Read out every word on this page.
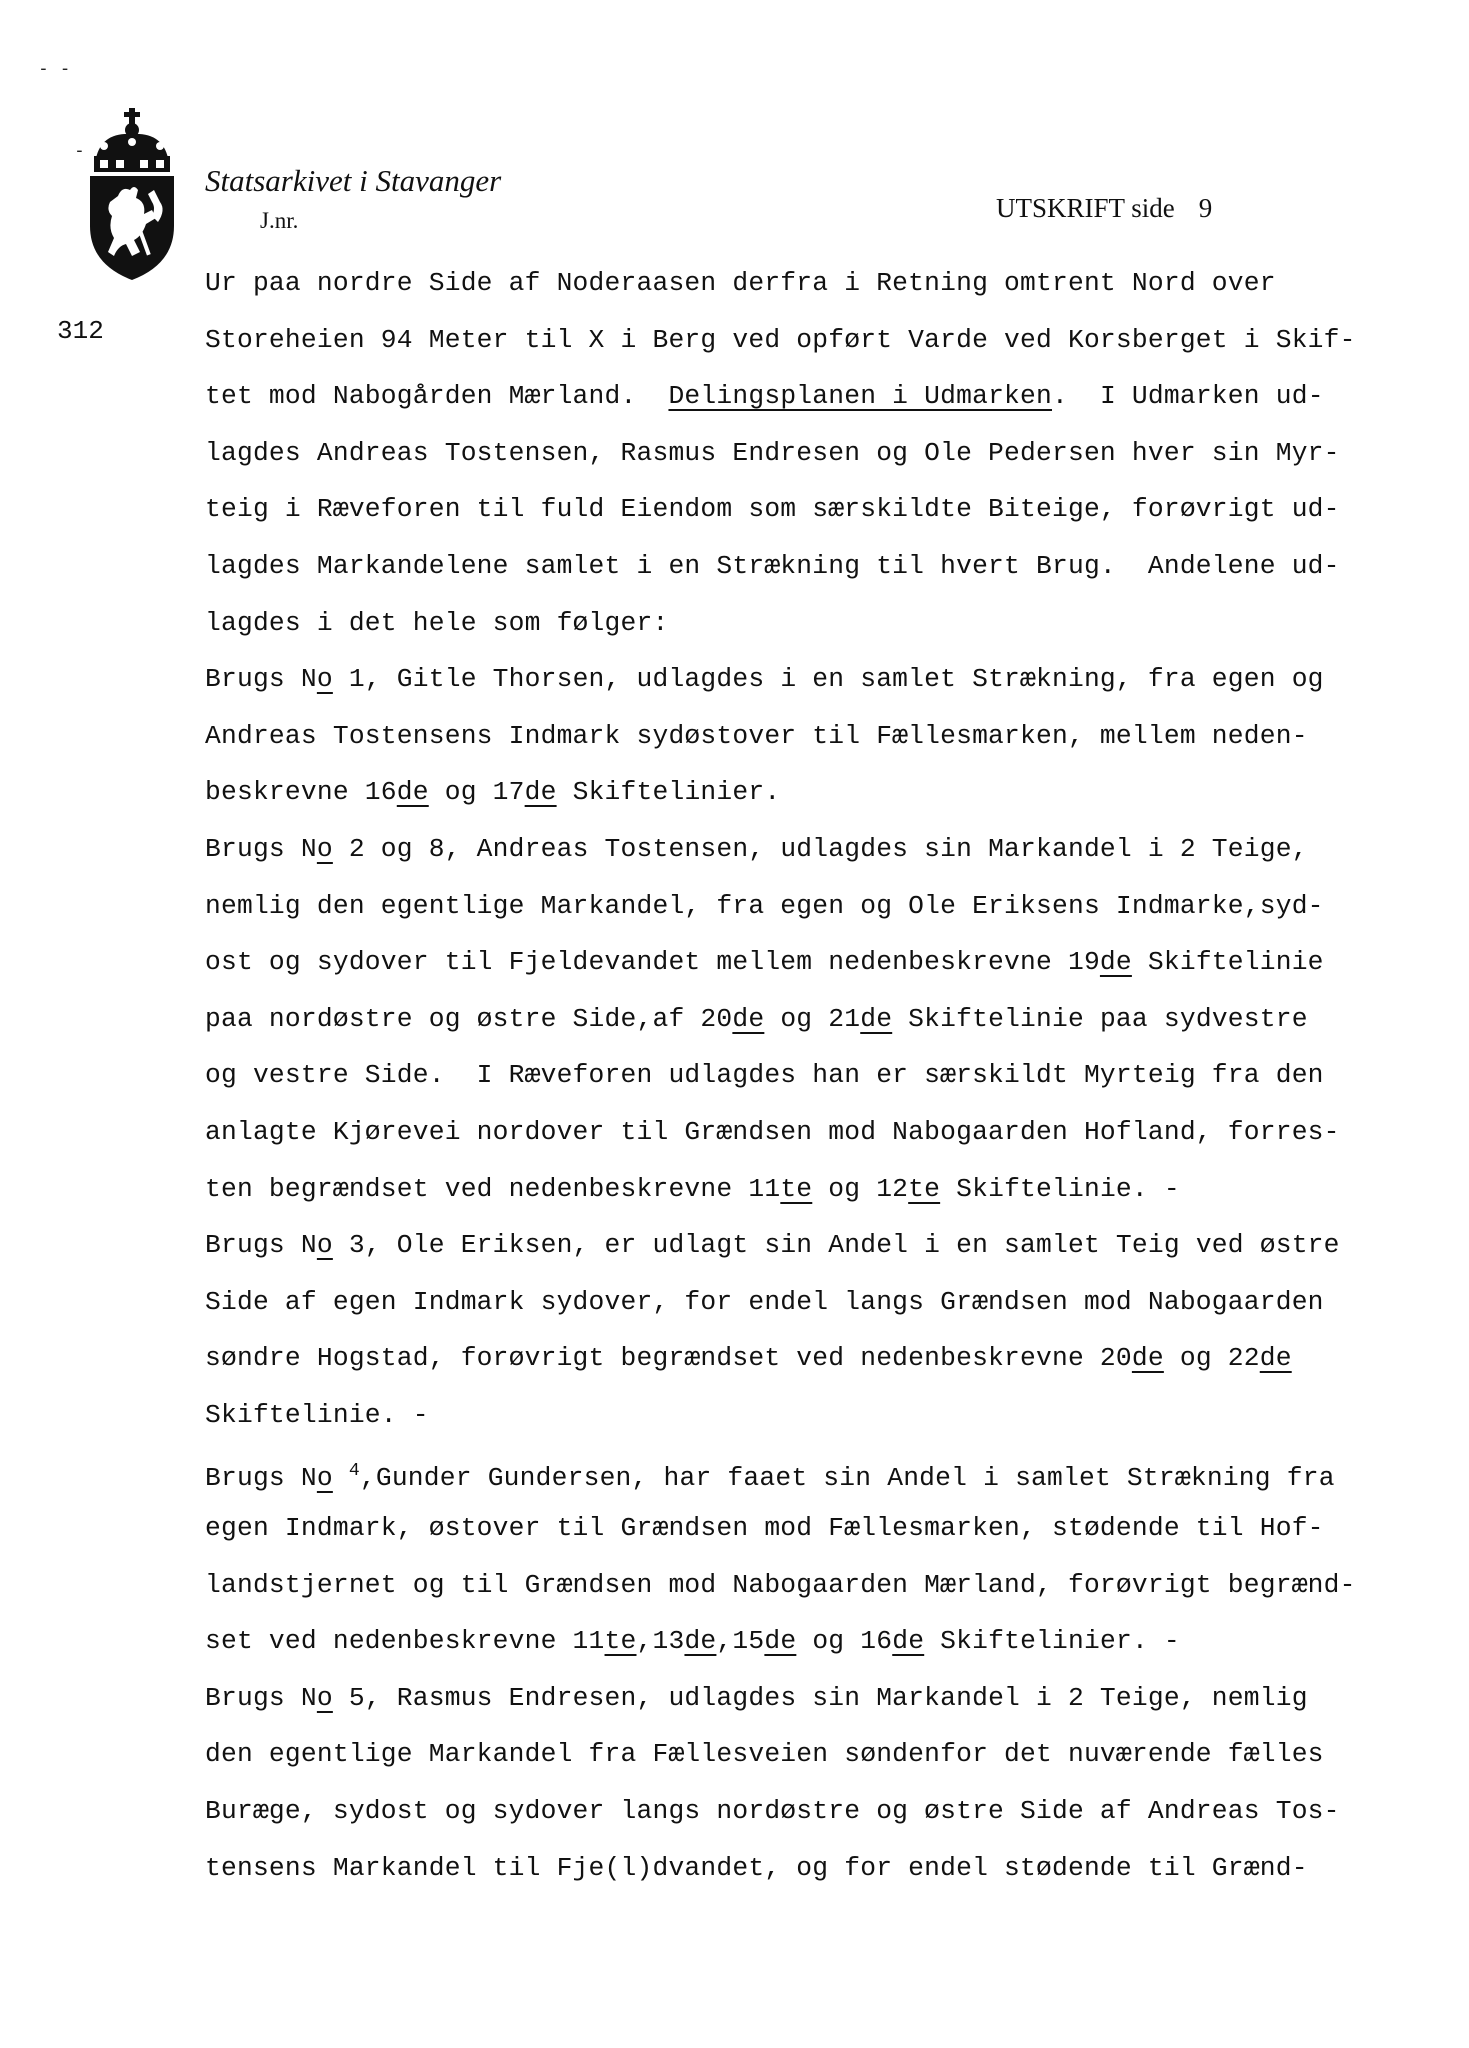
- -
-
Statsarkivet i Stavanger
J.nr.	UTSKRIFT side 9
312
Ur paa nordre Side af Noderaasen derfra i Retning omtrent Nord over
Storeheien 94 Meter til X i Berg ved opført Varde ved Korsberget i Skif-
tet mod Nabogården Mærland.  Delingsplanen i Udmarken.  I Udmarken ud-
lagdes Andreas Tostensen, Rasmus Endresen og Ole Pedersen hver sin Myr-
teig i Ræveforen til fuld Eiendom som særskildte Biteige, forøvrigt ud-
lagdes Markandelene samlet i en Strækning til hvert Brug.  Andelene ud-
lagdes i det hele som følger:
Brugs No 1, Gitle Thorsen, udlagdes i en samlet Strækning, fra egen og
Andreas Tostensens Indmark sydøstover til Fællesmarken, mellem neden-
beskrevne 16de og 17de Skiftelinier.
Brugs No 2 og 8, Andreas Tostensen, udlagdes sin Markandel i 2 Teige,
nemlig den egentlige Markandel, fra egen og Ole Eriksens Indmarke,syd-
ost og sydover til Fjeldevandet mellem nedenbeskrevne 19de Skiftelinie
paa nordøstre og østre Side,af 20de og 21de Skiftelinie paa sydvestre
og vestre Side.  I Ræveforen udlagdes han er særskildt Myrteig fra den
anlagte Kjørevei nordover til Grændsen mod Nabogaarden Hofland, forres-
ten begrændset ved nedenbeskrevne 11te og 12te Skiftelinie. -
Brugs No 3, Ole Eriksen, er udlagt sin Andel i en samlet Teig ved østre
Side af egen Indmark sydover, for endel langs Grændsen mod Nabogaarden
søndre Hogstad, forøvrigt begrændset ved nedenbeskrevne 20de og 22de
Skiftelinie. -
Brugs No $^4$,Gunder Gundersen, har faaet sin Andel i samlet Strækning fra
egen Indmark, østover til Grændsen mod Fællesmarken, stødende til Hof-
landstjernet og til Grændsen mod Nabogaarden Mærland, forøvrigt begrænd-
set ved nedenbeskrevne 11te,13de,15de og 16de Skiftelinier. -
Brugs No 5, Rasmus Endresen, udlagdes sin Markandel i 2 Teige, nemlig
den egentlige Markandel fra Fællesveien søndenfor det nuværende fælles
Buræge, sydost og sydover langs nordøstre og østre Side af Andreas Tos-
tensens Markandel til Fje(l)dvandet, og for endel stødende til Grænd-
